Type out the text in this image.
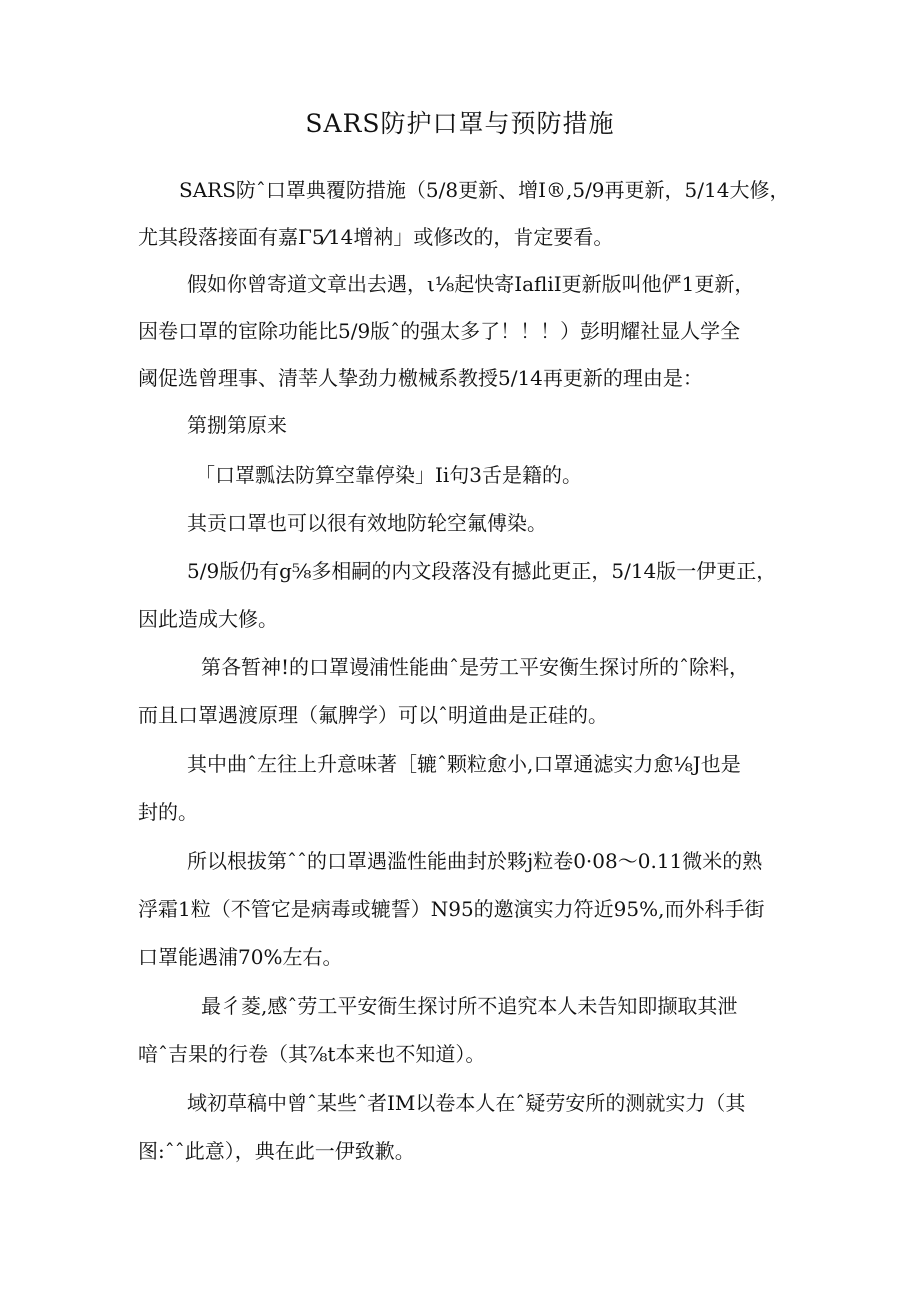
SARS防护口罩与预防措施
SARS防ˆ口罩典覆防措施（5/8更新、增I®,5/9再更新，5/14大修，
尤其段落接面有嘉Γ5⁄14增衲」或修改的，肯定要看。
假如你曾寄道文章出去遇，ι⅛起快寄IafliI更新版叫他俨1更新，
因卷口罩的宦除功能比5/9版ˆ的强太多了！！！）彭明耀社显人学全
阈促选曾理事、清莘人挚劲力檄械系教授5/14再更新的理由是：
第捌第原来
「口罩瓢法防算空靠停染」Ii句3舌是籍的。
其贡口罩也可以很有效地防轮空氟傅染。
5/9版仍有g⅝多相嗣的内文段落没有撼此更正，5/14版一伊更正，
因此造成大修。
第各暂神!的口罩谩浦性能曲ˆ是劳工平安衡生探讨所的ˆ除料，
而且口罩遇渡原理（氟脾学）可以ˆ明道曲是正硅的。
其中曲ˆ左往上升意味著［辘ˆ颗粒愈小,口罩通滤实力愈⅛J也是
封的。
所以根拔第ˆˆ的口罩遇滥性能曲封於夥j粒卷0·08～0.11微米的熟
浮霜1粒（不管它是病毒或辘誓）N95的邀演实力符近95%,而外科手街
口罩能遇浦70%左右。
最彳菱,感ˆ劳工平安衙生探讨所不追究本人未告知即撷取其泄
喑ˆ吉果的行卷（其⅞t本来也不知道）。
域初草稿中曾ˆ某些ˆ者IM以卷本人在ˆ疑劳安所的测就实力（其
图:ˆˆ此意），典在此一伊致歉。
